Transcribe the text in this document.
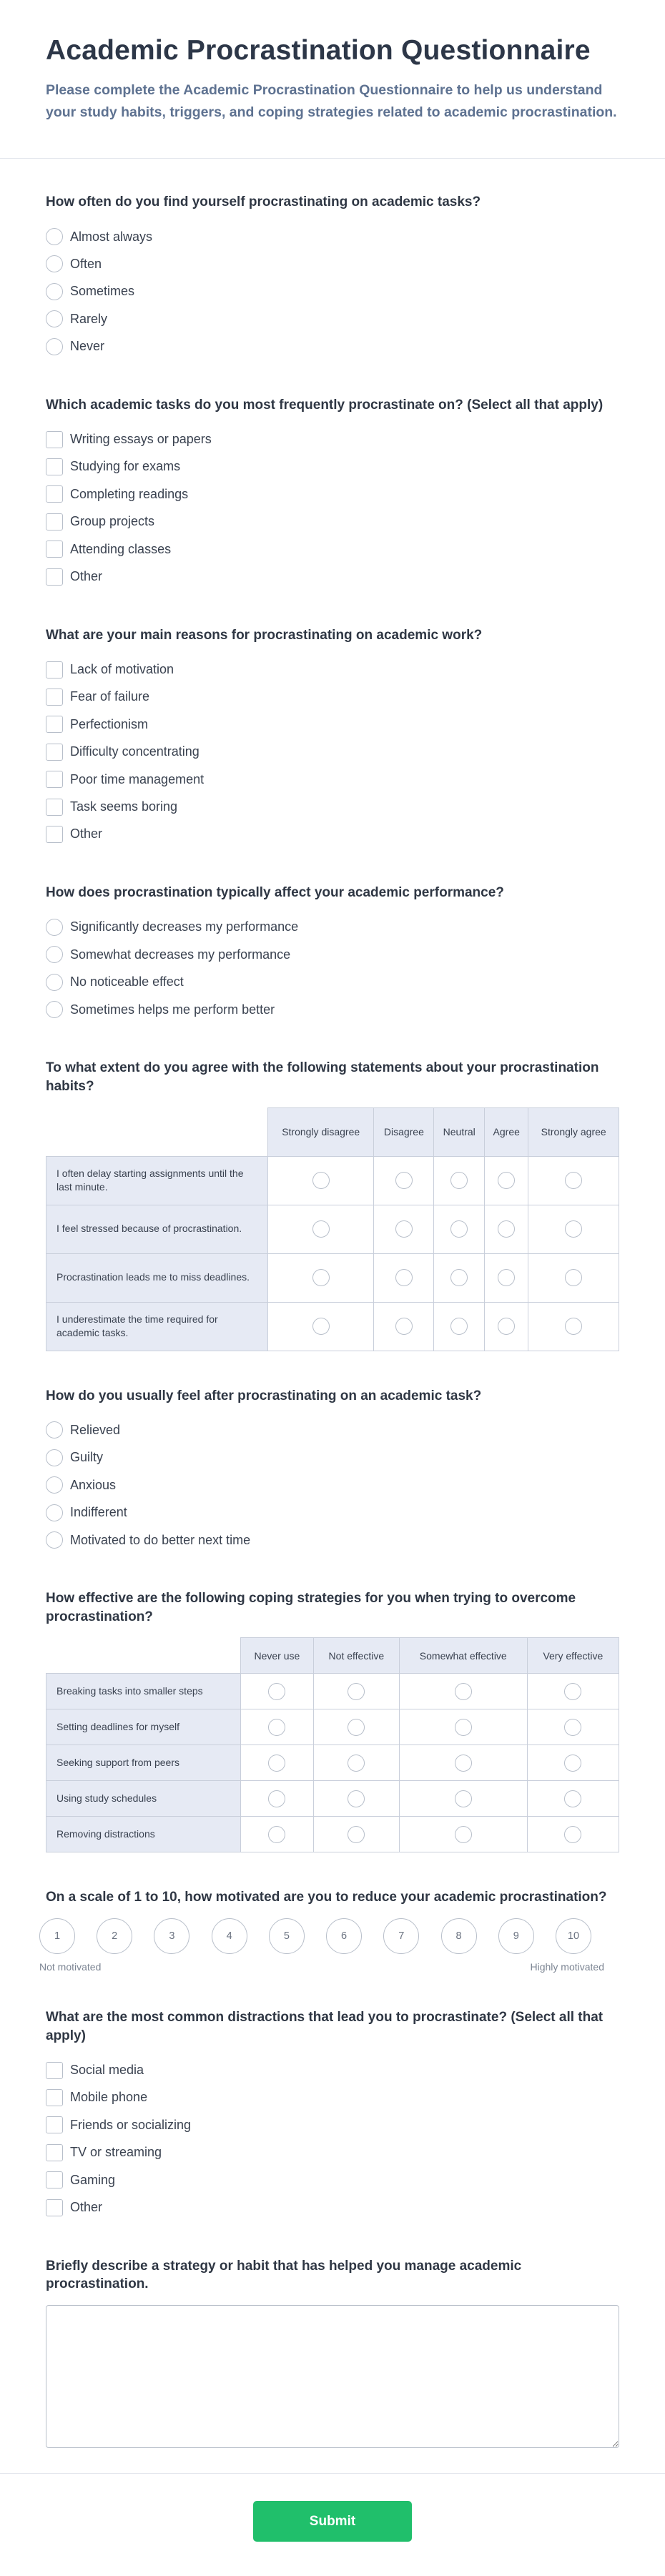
Academic Procrastination Questionnaire

Please complete the Academic Procrastination Questionnaire to help us understand your study habits, triggers, and coping strategies related to academic procrastination.

How often do you find yourself procrastinating on academic tasks?
Almost always
Often
Sometimes
Rarely
Never
Which academic tasks do you most frequently procrastinate on? (Select all that apply)
Writing essays or papers
Studying for exams
Completing readings
Group projects
Attending classes
Other
What are your main reasons for procrastinating on academic work?
Lack of motivation
Fear of failure
Perfectionism
Difficulty concentrating
Poor time management
Task seems boring
Other
How does procrastination typically affect your academic performance?
Significantly decreases my performance
Somewhat decreases my performance
No noticeable effect
Sometimes helps me perform better
To what extent do you agree with the following statements about your procrastination habits?
	Strongly disagree	Disagree	Neutral	Agree	Strongly agree
I often delay starting assignments until the last minute.					
I feel stressed because of procrastination.					
Procrastination leads me to miss deadlines.					
I underestimate the time required for academic tasks.					
How do you usually feel after procrastinating on an academic task?
Relieved
Guilty
Anxious
Indifferent
Motivated to do better next time
How effective are the following coping strategies for you when trying to overcome procrastination?
	Never use	Not effective	Somewhat effective	Very effective
Breaking tasks into smaller steps				
Setting deadlines for myself				
Seeking support from peers				
Using study schedules				
Removing distractions				
On a scale of 1 to 10, how motivated are you to reduce your academic procrastination?
1	2	3	4	5	6	7	8	9	10
Not motivated	Highly motivated
What are the most common distractions that lead you to procrastinate? (Select all that apply)
Social media
Mobile phone
Friends or socializing
TV or streaming
Gaming
Other
Briefly describe a strategy or habit that has helped you manage academic procrastination.
Submit
